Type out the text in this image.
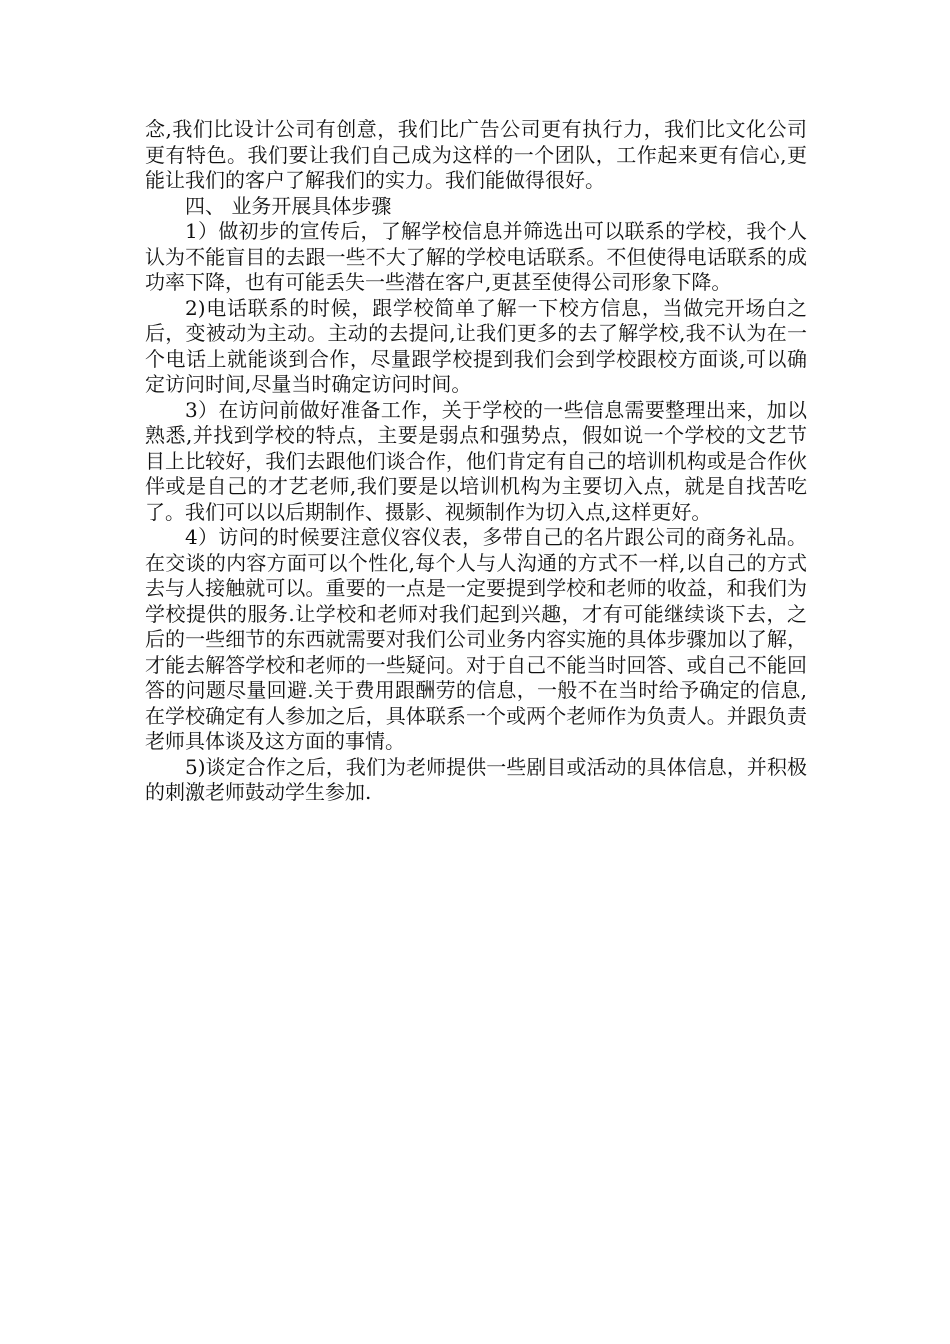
念,我们比设计公司有创意，我们比广告公司更有执行力，我们比文化公司更有特色。我们要让我们自己成为这样的一个团队，工作起来更有信心,更能让我们的客户了解我们的实力。我们能做得很好。

四、 业务开展具体步骤

1）做初步的宣传后，了解学校信息并筛选出可以联系的学校，我个人认为不能盲目的去跟一些不大了解的学校电话联系。不但使得电话联系的成功率下降，也有可能丢失一些潜在客户,更甚至使得公司形象下降。

2)电话联系的时候，跟学校简单了解一下校方信息，当做完开场白之后，变被动为主动。主动的去提问,让我们更多的去了解学校,我不认为在一个电话上就能谈到合作，尽量跟学校提到我们会到学校跟校方面谈,可以确定访问时间,尽量当时确定访问时间。

3）在访问前做好准备工作，关于学校的一些信息需要整理出来，加以熟悉,并找到学校的特点，主要是弱点和强势点，假如说一个学校的文艺节目上比较好，我们去跟他们谈合作，他们肯定有自己的培训机构或是合作伙伴或是自己的才艺老师,我们要是以培训机构为主要切入点，就是自找苦吃了。我们可以以后期制作、摄影、视频制作为切入点,这样更好。

4）访问的时候要注意仪容仪表，多带自己的名片跟公司的商务礼品。在交谈的内容方面可以个性化,每个人与人沟通的方式不一样,以自己的方式去与人接触就可以。重要的一点是一定要提到学校和老师的收益，和我们为学校提供的服务.让学校和老师对我们起到兴趣，才有可能继续谈下去，之后的一些细节的东西就需要对我们公司业务内容实施的具体步骤加以了解，才能去解答学校和老师的一些疑问。对于自己不能当时回答、或自己不能回答的问题尽量回避.关于费用跟酬劳的信息，一般不在当时给予确定的信息,在学校确定有人参加之后，具体联系一个或两个老师作为负责人。并跟负责老师具体谈及这方面的事情。

5)谈定合作之后，我们为老师提供一些剧目或活动的具体信息，并积极的刺激老师鼓动学生参加.
